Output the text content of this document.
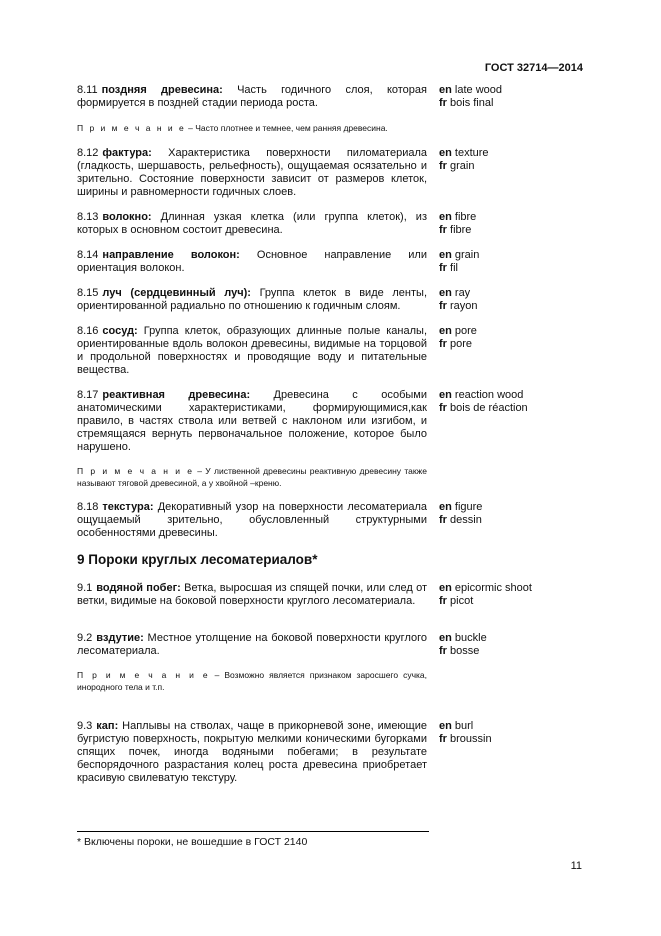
ГОСТ 32714—2014
8.11 поздняя древесина: Часть годичного слоя, которая формируется в поздней стадии периода роста.
en late wood
fr bois final
П р и м е ч а н и е – Часто плотнее и темнее, чем ранняя древесина.
8.12 фактура: Характеристика поверхности пиломатериала (гладкость, шершавость, рельефность), ощущаемая осязательно и зрительно. Состояние поверхности зависит от размеров клеток, ширины и равномерности годичных слоев.
en texture
fr grain
8.13 волокно: Длинная узкая клетка (или группа клеток), из которых в основном состоит древесина.
en fibre
fr fibre
8.14 направление волокон: Основное направление или ориентация волокон.
en grain
fr fil
8.15 луч (сердцевинный луч): Группа клеток в виде ленты, ориентированной радиально по отношению к годичным слоям.
en ray
fr rayon
8.16 сосуд: Группа клеток, образующих длинные полые каналы, ориентированные вдоль волокон древесины, видимые на торцовой и продольной поверхностях и проводящие воду и питательные вещества.
en pore
fr pore
8.17 реактивная древесина: Древесина с особыми анатомическими характеристиками, формирующимися,как правило, в частях ствола или ветвей с наклоном или изгибом, и стремящаяся вернуть первоначальное положение, которое было нарушено.
en reaction wood
fr bois de réaction
П р и м е ч а н и е – У лиственной древесины реактивную древесину также называют тяговой древесиной, а у хвойной –креню.
8.18 текстура: Декоративный узор на поверхности лесоматериала ощущаемый зрительно, обусловленный структурными особенностями древесины.
en figure
fr dessin
9 Пороки круглых лесоматериалов*
9.1 водяной побег: Ветка, выросшая из спящей почки, или след от ветки, видимые на боковой поверхности круглого лесоматериала.
en epicormic shoot
fr picot
9.2 вздутие: Местное утолщение на боковой поверхности круглого лесоматериала.
en buckle
fr bosse
П р и м е ч а н и е – Возможно является признаком заросшего сучка, инородного тела и т.п.
9.3 кап: Наплывы на стволах, чаще в прикорневой зоне, имеющие бугристую поверхность, покрытую мелкими коническими бугорками спящих почек, иногда водяными побегами; в результате беспорядочного разрастания колец роста древесина приобретает красивую свилеватую текстуру.
en burl
fr broussin
* Включены пороки, не вошедшие в ГОСТ 2140
11
